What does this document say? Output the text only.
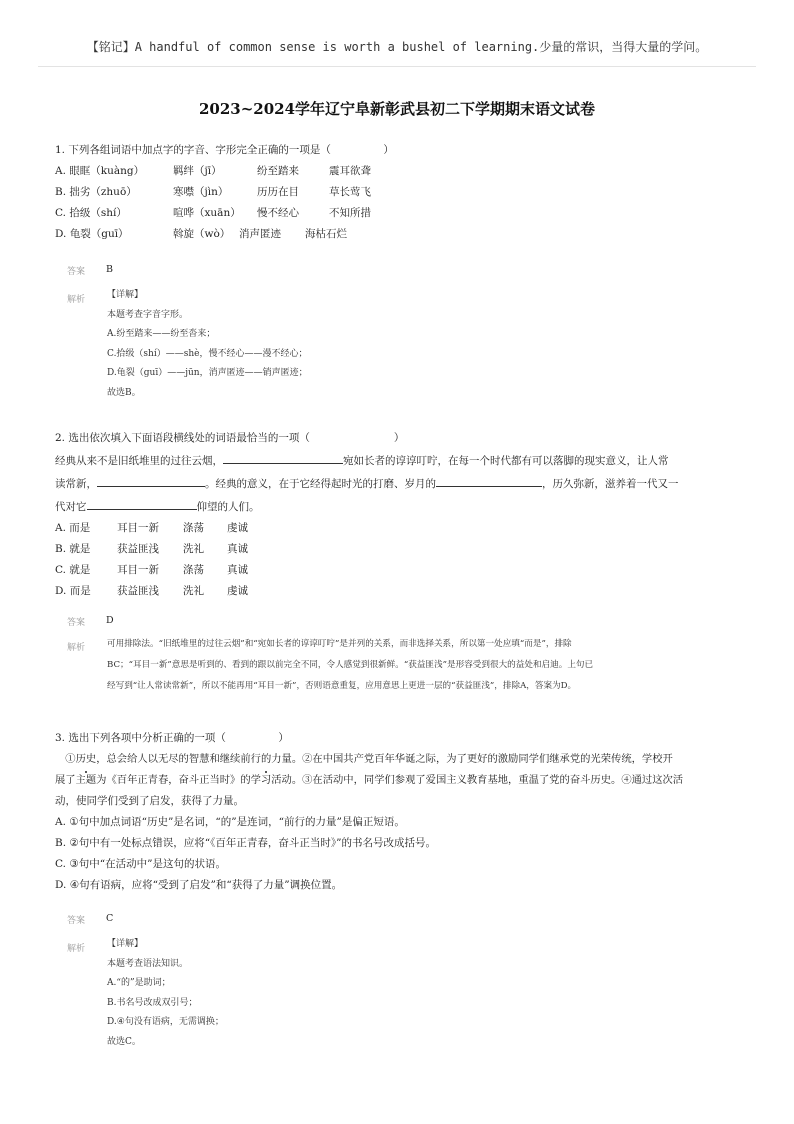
【铭记】A handful of common sense is worth a bushel of learning.少量的常识，当得大量的学问。
2023~2024学年辽宁阜新彰武县初二下学期期末语文试卷
1. 下列各组词语中加点字的字音、字形完全正确的一项是（　　　　　）
A. 眼眶（kuàng）	羁绊（jī）	纷至踏来	震耳欲聋
B. 拙劣（zhuō）	寒噤（jìn）	历历在目	草长莺飞
C. 拾级（shí）	喧哗（xuān） 慢不经心	不知所措
D. 龟裂（guī）	斡旋（wò） 消声匿迹 海枯石烂
答案 B
解析 【详解】
本题考查字音字形。
A.纷至踏来——纷至沓来；
C.拾级（shí）——shè，慢不经心——漫不经心；
D.龟裂（guī）——jūn，消声匿迹——销声匿迹；
故选B。
2. 选出依次填入下面语段横线处的词语最恰当的一项（　　　　　　　　）
经典从来不是旧纸堆里的过往云烟，	宛如长者的谆谆叮咛，在每一个时代都有可以落脚的现实意义，让人常
读常新，	。经典的意义，在于它经得起时光的打磨、岁月的	，历久弥新，滋养着一代又一
代对它	仰望的人们。
A. 而是	耳目一新 涤荡 虔诚
B. 就是	获益匪浅 洗礼 真诚
C. 就是	耳目一新 涤荡 真诚
D. 而是	获益匪浅 洗礼 虔诚
答案 D
解析	可用排除法。“旧纸堆里的过往云烟”和“宛如长者的谆谆叮咛”是并列的关系，而非选择关系，所以第一处应填“而是”，排除
BC；“耳目一新”意思是听到的、看到的跟以前完全不同，令人感觉到很新鲜。“获益匪浅”是形容受到很大的益处和启迪。上句已
经写到“让人常读常新”，所以不能再用“耳目一新”，否则语意重复，应用意思上更进一层的“获益匪浅”，排除A，答案为D。
3. 选出下列各项中分析正确的一项（　　　　　）
　①历史，总会给人以无尽的智慧和继续前行的力量。②在中国共产党百年华诞之际，为了更好的激励同学们继承党的光荣传统，学校开
展了主题为《百年正青春，奋斗正当时》的学习活动。③在活动中，同学们参观了爱国主义教育基地，重温了党的奋斗历史。④通过这次活
动，使同学们受到了启发，获得了力量。
A. ①句中加点词语“历史”是名词，“的”是连词，“前行的力量”是偏正短语。
B. ②句中有一处标点错误，应将“《百年正青春，奋斗正当时》”的书名号改成括号。
C. ③句中“在活动中”是这句的状语。
D. ④句有语病，应将“受到了启发”和“获得了力量”调换位置。
答案 C
解析 【详解】
本题考查语法知识。
A.“的”是助词；
B.书名号改成双引号；
D.④句没有语病，无需调换；
故选C。
